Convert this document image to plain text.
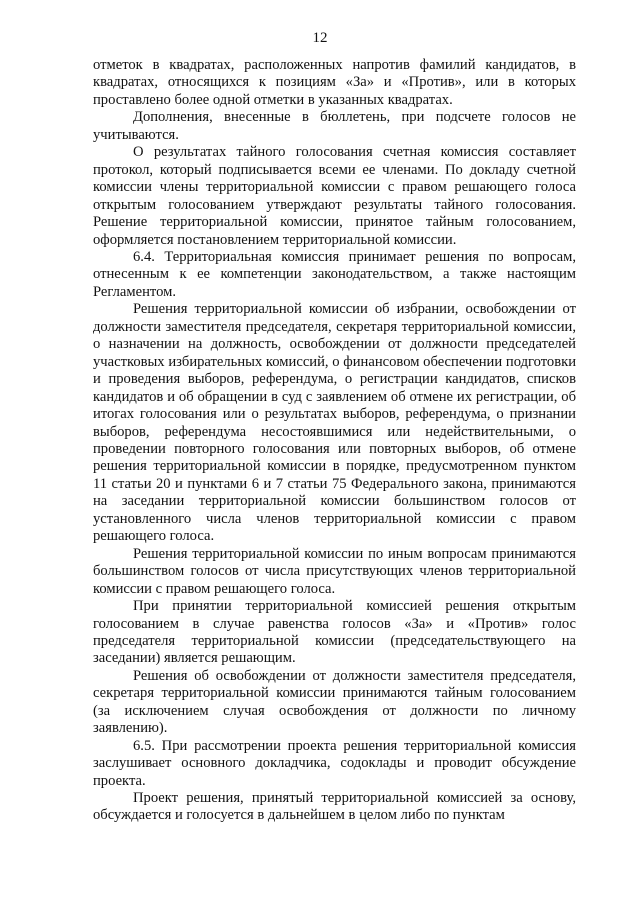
12

отметок в квадратах, расположенных напротив фамилий кандидатов, в квадратах, относящихся к позициям «За» и «Против», или в которых проставлено более одной отметки в указанных квадратах.

Дополнения, внесенные в бюллетень, при подсчете голосов не учитываются.

О результатах тайного голосования счетная комиссия составляет протокол, который подписывается всеми ее членами. По докладу счетной комиссии члены территориальной комиссии с правом решающего голоса открытым голосованием утверждают результаты тайного голосования. Решение территориальной комиссии, принятое тайным голосованием, оформляется постановлением территориальной комиссии.

6.4. Территориальная комиссия принимает решения по вопросам, отнесенным к ее компетенции законодательством, а также настоящим Регламентом.

Решения территориальной комиссии об избрании, освобождении от должности заместителя председателя, секретаря территориальной комиссии, о назначении на должность, освобождении от должности председателей участковых избирательных комиссий, о финансовом обеспечении подготовки и проведения выборов, референдума, о регистрации кандидатов, списков кандидатов и об обращении в суд с заявлением об отмене их регистрации, об итогах голосования или о результатах выборов, референдума, о признании выборов, референдума несостоявшимися или недействительными, о проведении повторного голосования или повторных выборов, об отмене решения территориальной комиссии в порядке, предусмотренном пунктом 11 статьи 20 и пунктами 6 и 7 статьи 75 Федерального закона, принимаются на заседании территориальной комиссии большинством голосов от установленного числа членов территориальной комиссии с правом решающего голоса.

Решения территориальной комиссии по иным вопросам принимаются большинством голосов от числа присутствующих членов территориальной комиссии с правом решающего голоса.

При принятии территориальной комиссией решения открытым голосованием в случае равенства голосов «За» и «Против» голос председателя территориальной комиссии (председательствующего на заседании) является решающим.

Решения об освобождении от должности заместителя председателя, секретаря территориальной комиссии принимаются тайным голосованием (за исключением случая освобождения от должности по личному заявлению).

6.5. При рассмотрении проекта решения территориальной комиссия заслушивает основного докладчика, содоклады и проводит обсуждение проекта.

Проект решения, принятый территориальной комиссией за основу, обсуждается и голосуется в дальнейшем в целом либо по пунктам
